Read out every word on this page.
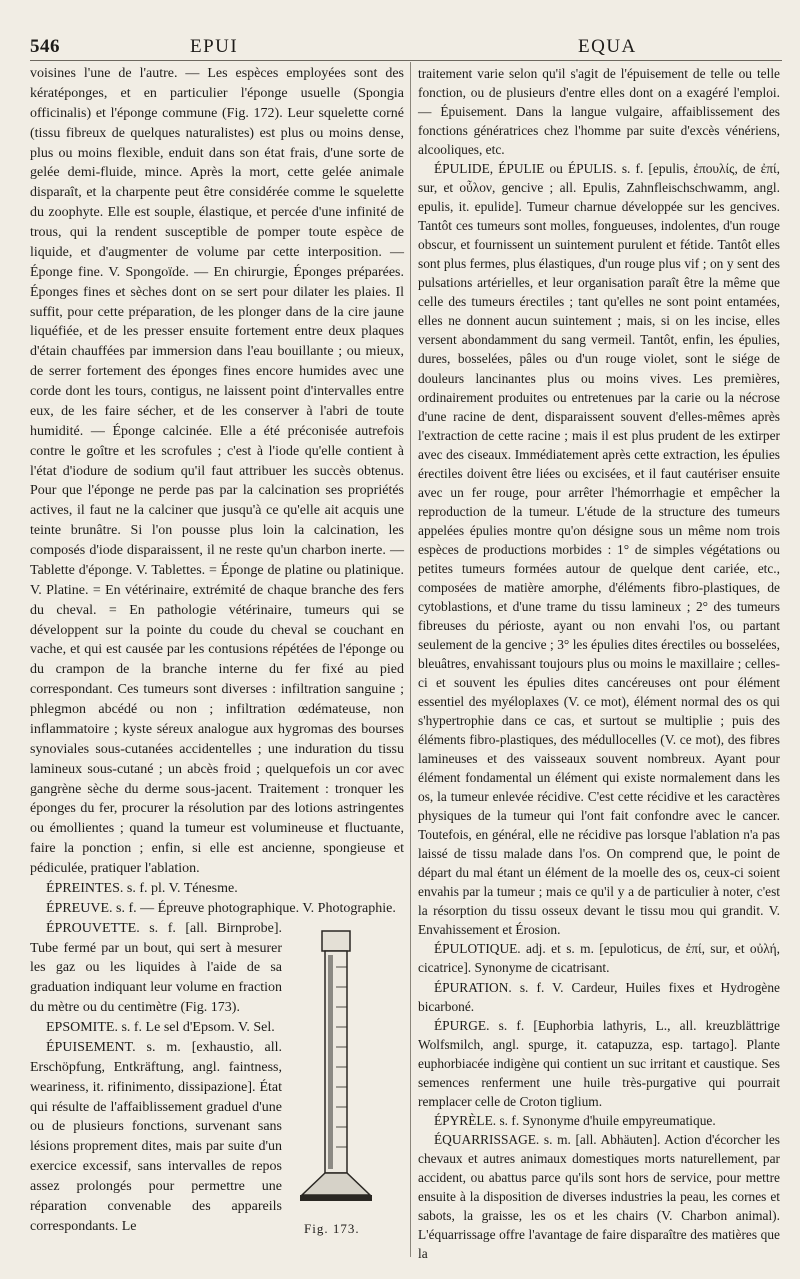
546	EPUI	EQUA

voisines l'une de l'autre. — Les espèces employées sont des kératéponges, et en particulier l'éponge usuelle (Spongia officinalis) et l'éponge commune (Fig. 172). Leur squelette corné (tissu fibreux de quelques naturalistes) est plus ou moins dense, plus ou moins flexible, enduit dans son état frais, d'une sorte de gelée demi-fluide, mince. Après la mort, cette gelée animale disparaît, et la charpente peut être considérée comme le squelette du zoophyte. Elle est souple, élastique, et percée d'une infinité de trous, qui la rendent susceptible de pomper toute espèce de liquide, et d'augmenter de volume par cette interposition. — Éponge fine. V. Spongoïde. — En chirurgie, Éponges préparées. Éponges fines et sèches dont on se sert pour dilater les plaies. Il suffit, pour cette préparation, de les plonger dans de la cire jaune liquéfiée, et de les presser ensuite fortement entre deux plaques d'étain chauffées par immersion dans l'eau bouillante ; ou mieux, de serrer fortement des éponges fines encore humides avec une corde dont les tours, contigus, ne laissent point d'intervalles entre eux, de les faire sécher, et de les conserver à l'abri de toute humidité. — Éponge calcinée. Elle a été préconisée autrefois contre le goître et les scrofules ; c'est à l'iode qu'elle contient à l'état d'iodure de sodium qu'il faut attribuer les succès obtenus. Pour que l'éponge ne perde pas par la calcination ses propriétés actives, il faut ne la calciner que jusqu'à ce qu'elle ait acquis une teinte brunâtre. Si l'on pousse plus loin la calcination, les composés d'iode disparaissent, il ne reste qu'un charbon inerte. — Tablette d'éponge. V. Tablettes. = Éponge de platine ou platinique. V. Platine. = En vétérinaire, extrémité de chaque branche des fers du cheval. = En pathologie vétérinaire, tumeurs qui se développent sur la pointe du coude du cheval se couchant en vache, et qui est causée par les contusions répétées de l'éponge ou du crampon de la branche interne du fer fixé au pied correspondant. Ces tumeurs sont diverses : infiltration sanguine ; phlegmon abcédé ou non ; infiltration œdémateuse, non inflammatoire ; kyste séreux analogue aux hygromas des bourses synoviales sous-cutanées accidentelles ; une induration du tissu lamineux sous-cutané ; un abcès froid ; quelquefois un cor avec gangrène sèche du derme sous-jacent. Traitement : tronquer les éponges du fer, procurer la résolution par des lotions astringentes ou émollientes ; quand la tumeur est volumineuse et fluctuante, faire la ponction ; enfin, si elle est ancienne, spongieuse et pédiculée, pratiquer l'ablation.

ÉPREINTES. s. f. pl. V. Ténesme.

ÉPREUVE. s. f. — Épreuve photographique. V. Photographie.

Fig. 173.

ÉPROUVETTE. s. f. [all. Birnprobe]. Tube fermé par un bout, qui sert à mesurer les gaz ou les liquides à l'aide de sa graduation indiquant leur volume en fraction du mètre ou du centimètre (Fig. 173).

EPSOMITE. s. f. Le sel d'Epsom. V. Sel.

ÉPUISEMENT. s. m. [exhaustio, all. Erschöpfung, Entkräftung, angl. faintness, weariness, it. rifinimento, dissipazione]. État qui résulte de l'affaiblissement graduel d'une ou de plusieurs fonctions, survenant sans lésions proprement dites, mais par suite d'un exercice excessif, sans intervalles de repos assez prolongés pour permettre une réparation convenable des appareils correspondants. Le

traitement varie selon qu'il s'agit de l'épuisement de telle ou telle fonction, ou de plusieurs d'entre elles dont on a exagéré l'emploi. — Épuisement. Dans la langue vulgaire, affaiblissement des fonctions génératrices chez l'homme par suite d'excès vénériens, alcooliques, etc.

ÉPULIDE, ÉPULIE ou ÉPULIS. s. f. [epulis, ἐπουλίς, de ἐπί, sur, et οὖλον, gencive ; all. Epulis, Zahnfleischschwamm, angl. epulis, it. epulide]. Tumeur charnue développée sur les gencives. Tantôt ces tumeurs sont molles, fongueuses, indolentes, d'un rouge obscur, et fournissent un suintement purulent et fétide. Tantôt elles sont plus fermes, plus élastiques, d'un rouge plus vif ; on y sent des pulsations artérielles, et leur organisation paraît être la même que celle des tumeurs érectiles ; tant qu'elles ne sont point entamées, elles ne donnent aucun suintement ; mais, si on les incise, elles versent abondamment du sang vermeil. Tantôt, enfin, les épulies, dures, bosselées, pâles ou d'un rouge violet, sont le siége de douleurs lancinantes plus ou moins vives. Les premières, ordinairement produites ou entretenues par la carie ou la nécrose d'une racine de dent, disparaissent souvent d'elles-mêmes après l'extraction de cette racine ; mais il est plus prudent de les extirper avec des ciseaux. Immédiatement après cette extraction, les épulies érectiles doivent être liées ou excisées, et il faut cautériser ensuite avec un fer rouge, pour arrêter l'hémorrhagie et empêcher la reproduction de la tumeur. L'étude de la structure des tumeurs appelées épulies montre qu'on désigne sous un même nom trois espèces de productions morbides : 1° de simples végétations ou petites tumeurs formées autour de quelque dent cariée, etc., composées de matière amorphe, d'éléments fibro-plastiques, de cytoblastions, et d'une trame du tissu lamineux ; 2° des tumeurs fibreuses du périoste, ayant ou non envahi l'os, ou partant seulement de la gencive ; 3° les épulies dites érectiles ou bosselées, bleuâtres, envahissant toujours plus ou moins le maxillaire ; celles-ci et souvent les épulies dites cancéreuses ont pour élément essentiel des myéloplaxes (V. ce mot), élément normal des os qui s'hypertrophie dans ce cas, et surtout se multiplie ; puis des éléments fibro-plastiques, des médullocelles (V. ce mot), des fibres lamineuses et des vaisseaux souvent nombreux. Ayant pour élément fondamental un élément qui existe normalement dans les os, la tumeur enlevée récidive. C'est cette récidive et les caractères physiques de la tumeur qui l'ont fait confondre avec le cancer. Toutefois, en général, elle ne récidive pas lorsque l'ablation n'a pas laissé de tissu malade dans l'os. On comprend que, le point de départ du mal étant un élément de la moelle des os, ceux-ci soient envahis par la tumeur ; mais ce qu'il y a de particulier à noter, c'est la résorption du tissu osseux devant le tissu mou qui grandit. V. Envahissement et Érosion.

ÉPULOTIQUE. adj. et s. m. [epuloticus, de ἐπί, sur, et οὐλή, cicatrice]. Synonyme de cicatrisant.

ÉPURATION. s. f. V. Cardeur, Huiles fixes et Hydrogène bicarboné.

ÉPURGE. s. f. [Euphorbia lathyris, L., all. kreuzblättrige Wolfsmilch, angl. spurge, it. catapuzza, esp. tartago]. Plante euphorbiacée indigène qui contient un suc irritant et caustique. Ses semences renferment une huile très-purgative qui pourrait remplacer celle de Croton tiglium.

ÉPYRÈLE. s. f. Synonyme d'huile empyreumatique.

ÉQUARRISSAGE. s. m. [all. Abhäuten]. Action d'écorcher les chevaux et autres animaux domestiques morts naturellement, par accident, ou abattus parce qu'ils sont hors de service, pour mettre ensuite à la disposition de diverses industries la peau, les cornes et sabots, la graisse, les os et les chairs (V. Charbon animal). L'équarrissage offre l'avantage de faire disparaître des matières que la
